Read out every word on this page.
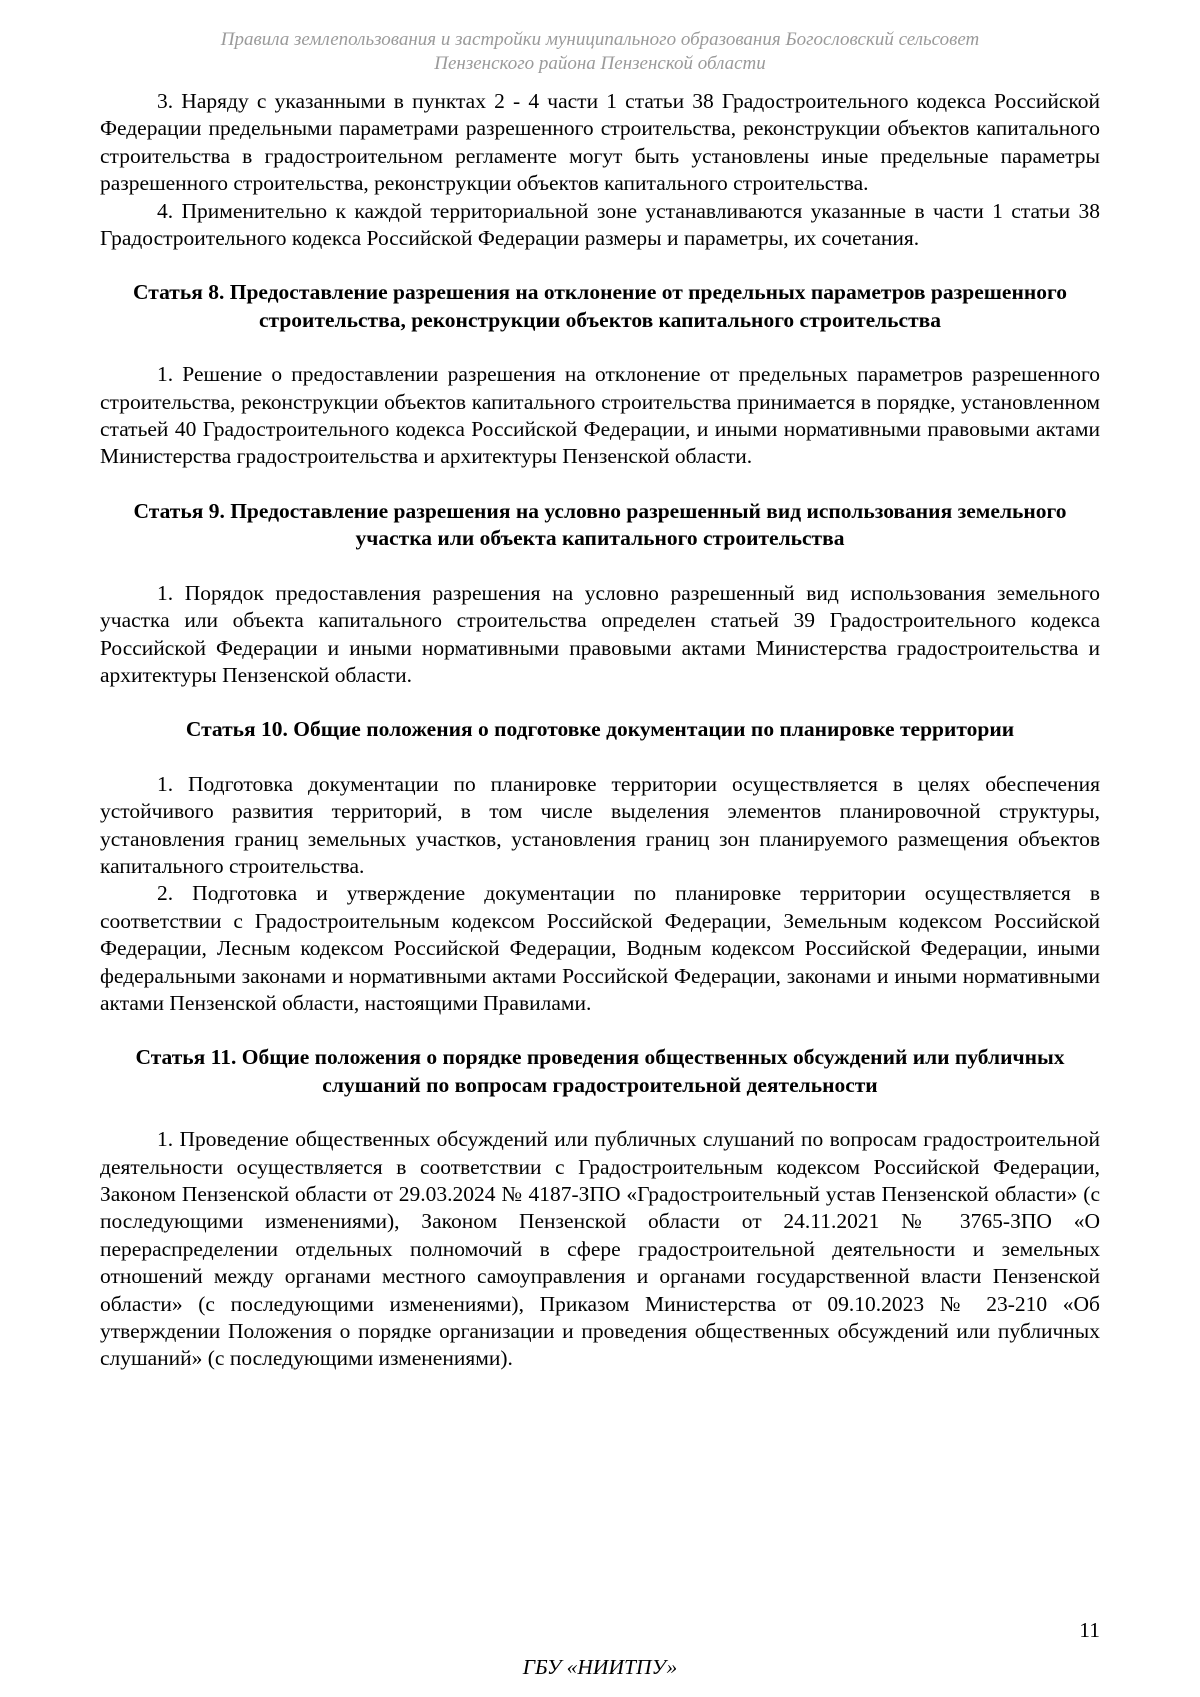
Правила землепользования и застройки муниципального образования Богословский сельсовет
Пензенского района Пензенской области

3. Наряду с указанными в пунктах 2 - 4 части 1 статьи 38 Градостроительного кодекса Российской Федерации предельными параметрами разрешенного строительства, реконструкции объектов капитального строительства в градостроительном регламенте могут быть установлены иные предельные параметры разрешенного строительства, реконструкции объектов капитального строительства.

4. Применительно к каждой территориальной зоне устанавливаются указанные в части 1 статьи 38 Градостроительного кодекса Российской Федерации размеры и параметры, их сочетания.

Статья 8. Предоставление разрешения на отклонение от предельных параметров разрешенного строительства, реконструкции объектов капитального строительства

1. Решение о предоставлении разрешения на отклонение от предельных параметров разрешенного строительства, реконструкции объектов капитального строительства принимается в порядке, установленном статьей 40 Градостроительного кодекса Российской Федерации, и иными нормативными правовыми актами Министерства градостроительства и архитектуры Пензенской области.

Статья 9. Предоставление разрешения на условно разрешенный вид использования земельного участка или объекта капитального строительства

1. Порядок предоставления разрешения на условно разрешенный вид использования земельного участка или объекта капитального строительства определен статьей 39 Градостроительного кодекса Российской Федерации и иными нормативными правовыми актами Министерства градостроительства и архитектуры Пензенской области.

Статья 10. Общие положения о подготовке документации по планировке территории

1. Подготовка документации по планировке территории осуществляется в целях обеспечения устойчивого развития территорий, в том числе выделения элементов планировочной структуры, установления границ земельных участков, установления границ зон планируемого размещения объектов капитального строительства.

2. Подготовка и утверждение документации по планировке территории осуществляется в соответствии с Градостроительным кодексом Российской Федерации, Земельным кодексом Российской Федерации, Лесным кодексом Российской Федерации, Водным кодексом Российской Федерации, иными федеральными законами и нормативными актами Российской Федерации, законами и иными нормативными актами Пензенской области, настоящими Правилами.

Статья 11. Общие положения о порядке проведения общественных обсуждений или публичных слушаний по вопросам градостроительной деятельности

1. Проведение общественных обсуждений или публичных слушаний по вопросам градостроительной деятельности осуществляется в соответствии с Градостроительным кодексом Российской Федерации, Законом Пензенской области от 29.03.2024 № 4187-ЗПО «Градостроительный устав Пензенской области» (с последующими изменениями), Законом Пензенской области от 24.11.2021 № 3765-ЗПО «О перераспределении отдельных полномочий в сфере градостроительной деятельности и земельных отношений между органами местного самоуправления и органами государственной власти Пензенской области» (с последующими изменениями), Приказом Министерства от 09.10.2023 № 23-210 «Об утверждении Положения о порядке организации и проведения общественных обсуждений или публичных слушаний» (с последующими изменениями).

11
ГБУ «НИИТПУ»
